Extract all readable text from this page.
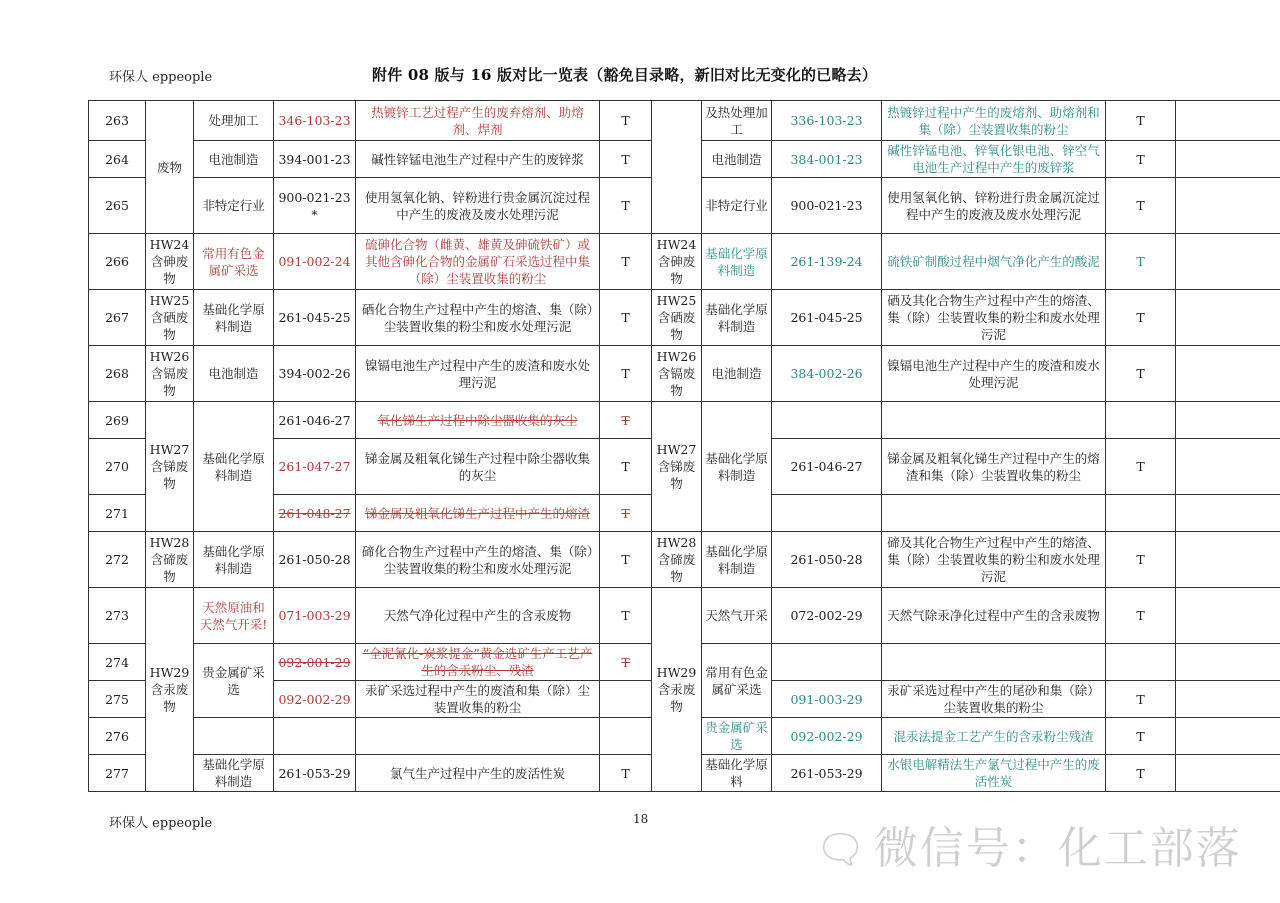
环保人 eppeople	附件 08 版与 16 版对比一览表（豁免目录略，新旧对比无变化的已略去）
263	废物	处理加工	346-103-23	热镀锌工艺过程产生的废弃熔剂、助熔剂、焊剂	T		及热处理加工	336-103-23	热镀锌过程中产生的废熔剂、助熔剂和集（除）尘装置收集的粉尘	T	
264		电池制造	394-001-23	碱性锌锰电池生产过程中产生的废锌浆	T		电池制造	384-001-23	碱性锌锰电池、锌氧化银电池、锌空气电池生产过程中产生的废锌浆	T	
265		非特定行业	900-021-23*	使用氢氧化钠、锌粉进行贵金属沉淀过程中产生的废液及废水处理污泥	T		非特定行业	900-021-23	使用氢氧化钠、锌粉进行贵金属沉淀过程中产生的废液及废水处理污泥	T	
266	HW24含砷废物	常用有色金属矿采选	091-002-24	硫砷化合物（雌黄、雄黄及砷硫铁矿）或其他含砷化合物的金属矿石采选过程中集（除）尘装置收集的粉尘	T	HW24含砷废物	基础化学原料制造	261-139-24	硫铁矿制酸过程中烟气净化产生的酸泥	T	
267	HW25含硒废物	基础化学原料制造	261-045-25	硒化合物生产过程中产生的熔渣、集（除）尘装置收集的粉尘和废水处理污泥	T	HW25含硒废物	基础化学原料制造	261-045-25	硒及其化合物生产过程中产生的熔渣、集（除）尘装置收集的粉尘和废水处理污泥	T	
268	HW26含镉废物	电池制造	394-002-26	镍镉电池生产过程中产生的废渣和废水处理污泥	T	HW26含镉废物	电池制造	384-002-26	镍镉电池生产过程中产生的废渣和废水处理污泥	T	
269	HW27含锑废物	基础化学原料制造	261-046-27	氧化锑生产过程中除尘器收集的灰尘	T	HW27含锑废物	基础化学原料制造				
270			261-047-27	锑金属及粗氧化锑生产过程中除尘器收集的灰尘	T			261-046-27	锑金属及粗氧化锑生产过程中产生的熔渣和集（除）尘装置收集的粉尘	T	
271			261-048-27	锑金属及粗氧化锑生产过程中产生的熔渣	T						
272	HW28含碲废物	基础化学原料制造	261-050-28	碲化合物生产过程中产生的熔渣、集（除）尘装置收集的粉尘和废水处理污泥	T	HW28含碲废物	基础化学原料制造	261-050-28	碲及其化合物生产过程中产生的熔渣、集（除）尘装置收集的粉尘和废水处理污泥	T	
273	HW29含汞废物	天然原油和天然气开采!	071-003-29	天然气净化过程中产生的含汞废物	T	HW29含汞废物	天然气开采	072-002-29	天然气除汞净化过程中产生的含汞废物	T	
274		贵金属矿采选	092-001-29	“全泥氰化-炭浆提金”黄金选矿生产工艺产生的含汞粉尘、残渣	T		常用有色金属矿采选				
275			092-002-29	汞矿采选过程中产生的废渣和集（除）尘装置收集的粉尘				091-003-29	汞矿采选过程中产生的尾砂和集（除）尘装置收集的粉尘	T	
276							贵金属矿采选	092-002-29	混汞法提金工艺产生的含汞粉尘残渣	T	
277		基础化学原料制造	261-053-29	氯气生产过程中产生的废活性炭	T		基础化学原料	261-053-29	水银电解精法生产氯气过程中产生的废活性炭	T	
环保人 eppeople	18
🗨 微信号：化工部落
